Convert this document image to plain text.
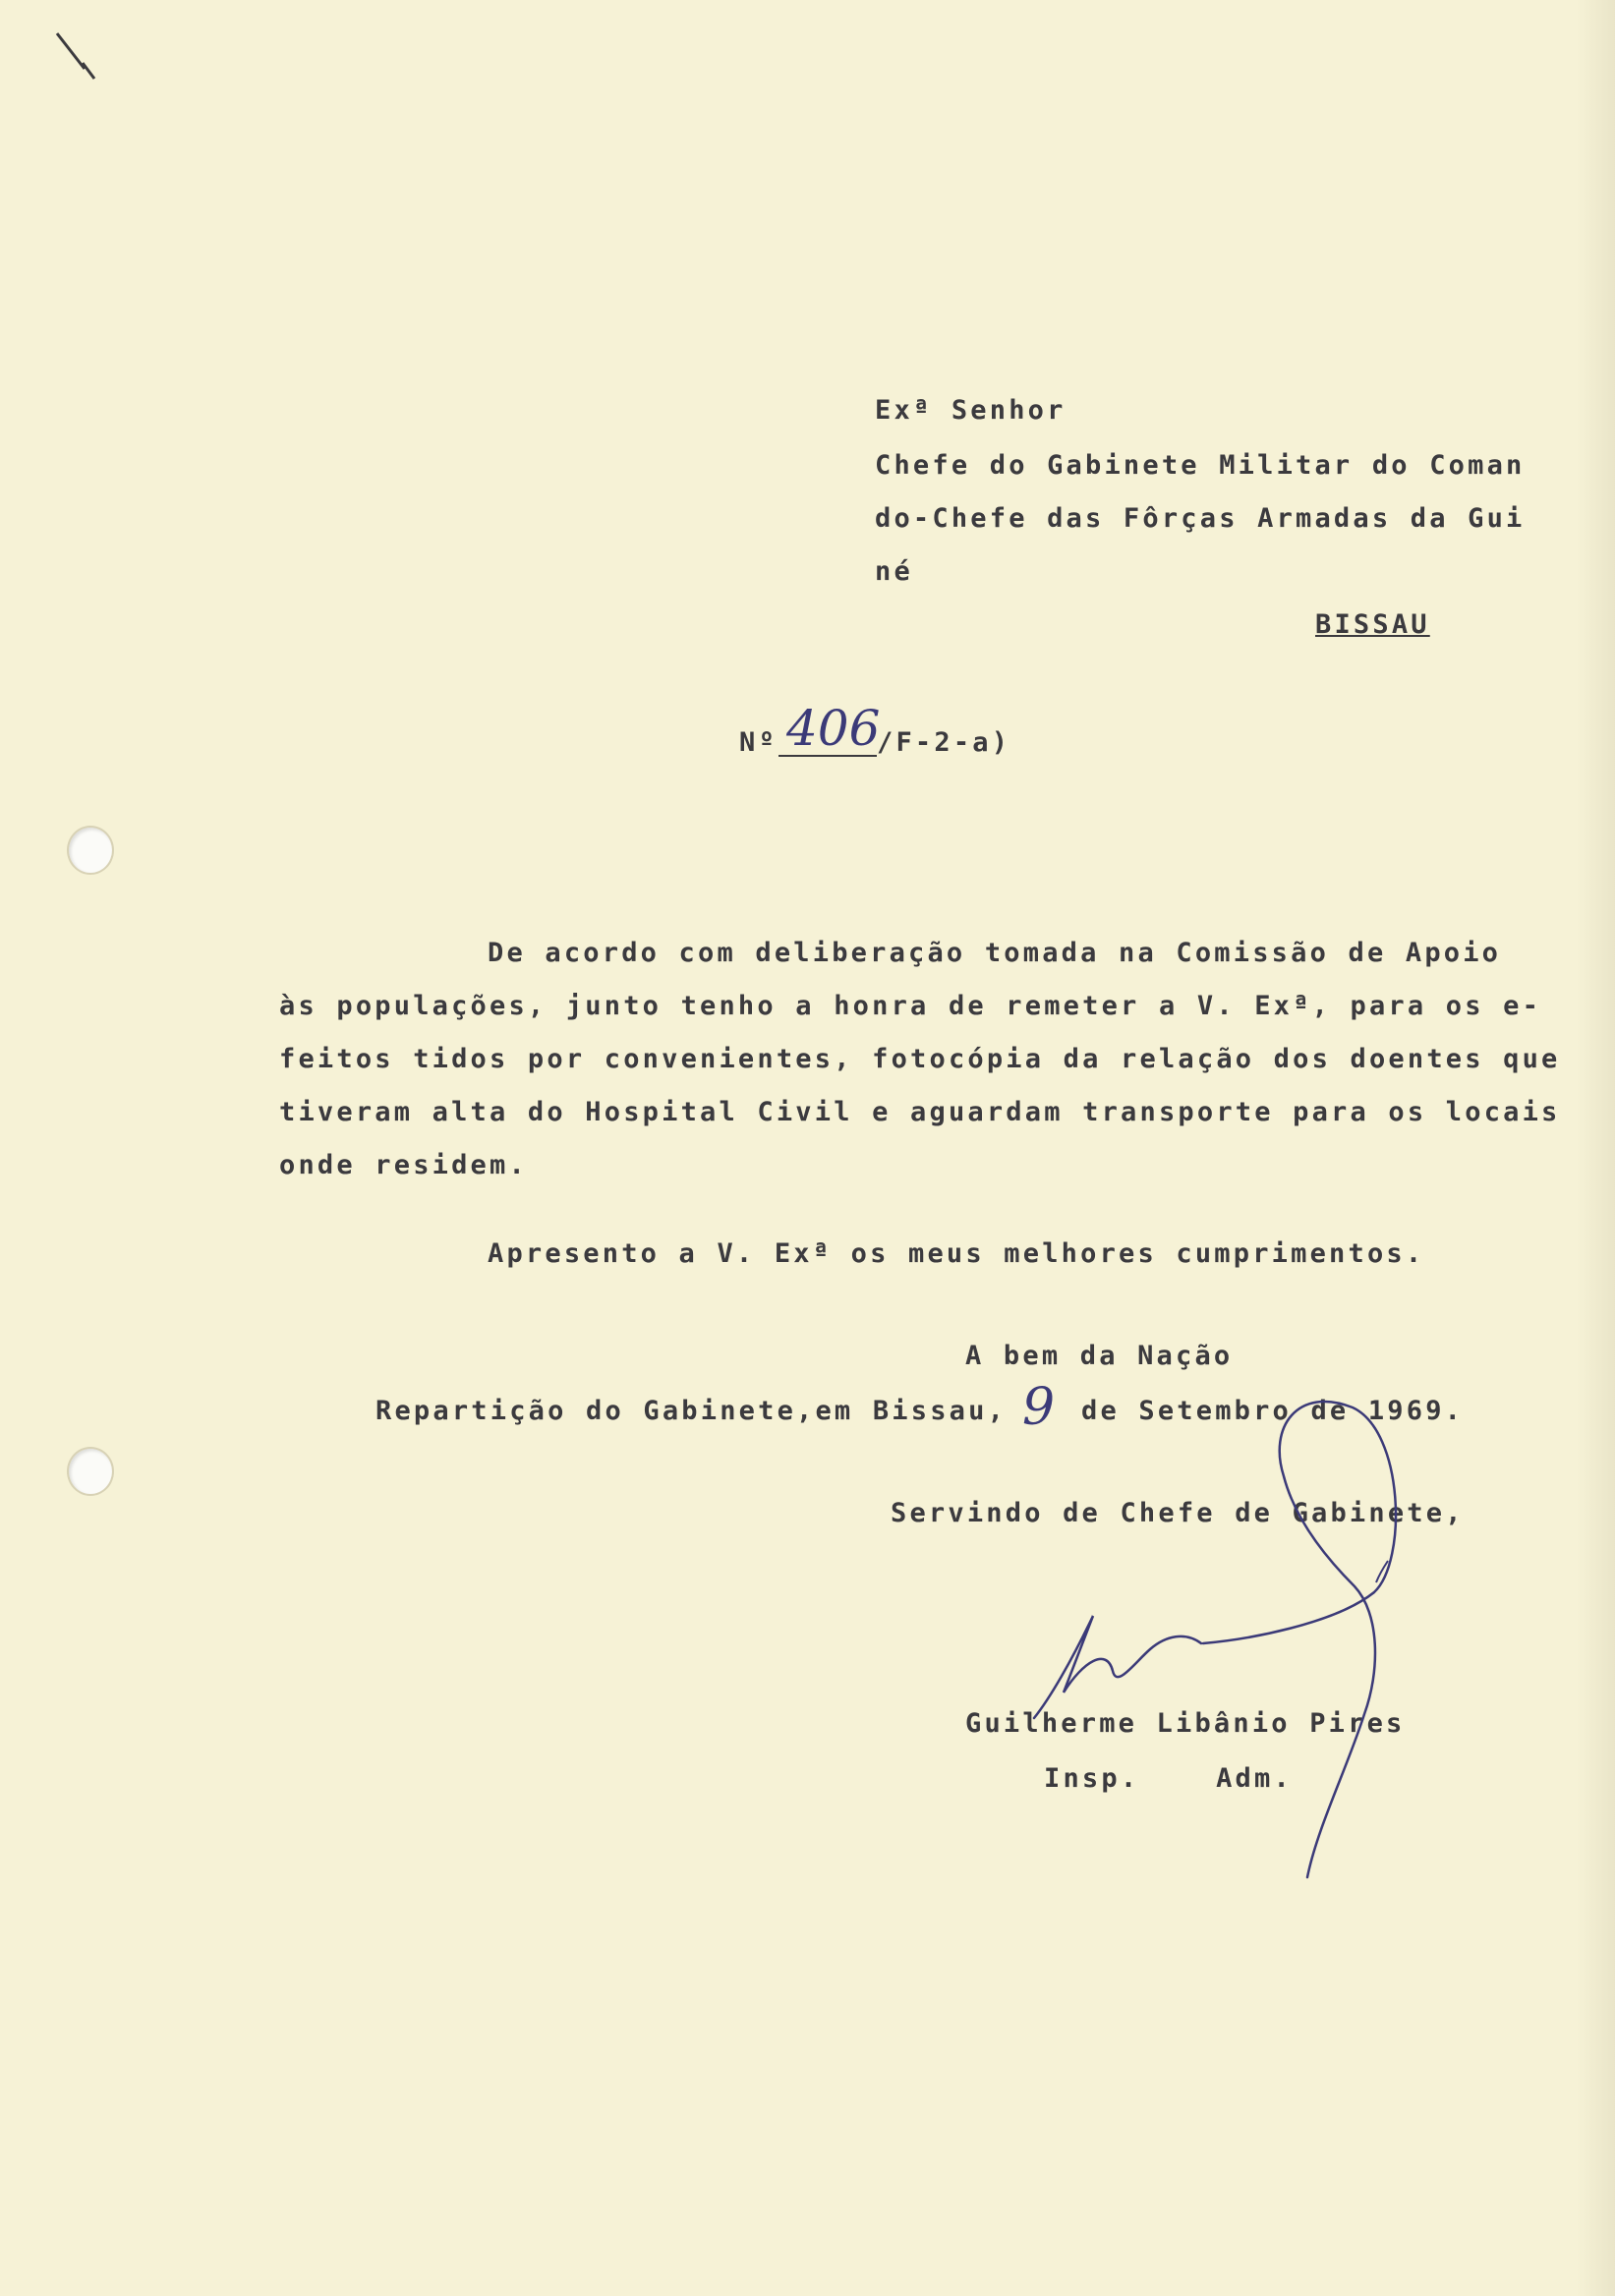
Exª Senhor
Chefe do Gabinete Militar do Coman
do-Chefe das Fôrças Armadas da Gui
né
BISSAU
Nº 406
/F-2-a)
De acordo com deliberação tomada na Comissão de Apoio
às populações, junto tenho a honra de remeter a V. Exª, para os e-
feitos tidos por convenientes, fotocópia da relação dos doentes que
tiveram alta do Hospital Civil e aguardam transporte para os locais
onde residem.
Apresento a V. Exª os meus melhores cumprimentos.
A bem da Nação
Repartição do Gabinete,em Bissau, 9 de Setembro de 1969.
Servindo de Chefe de Gabinete,
Guilherme Libânio Pires
Insp.    Adm.
